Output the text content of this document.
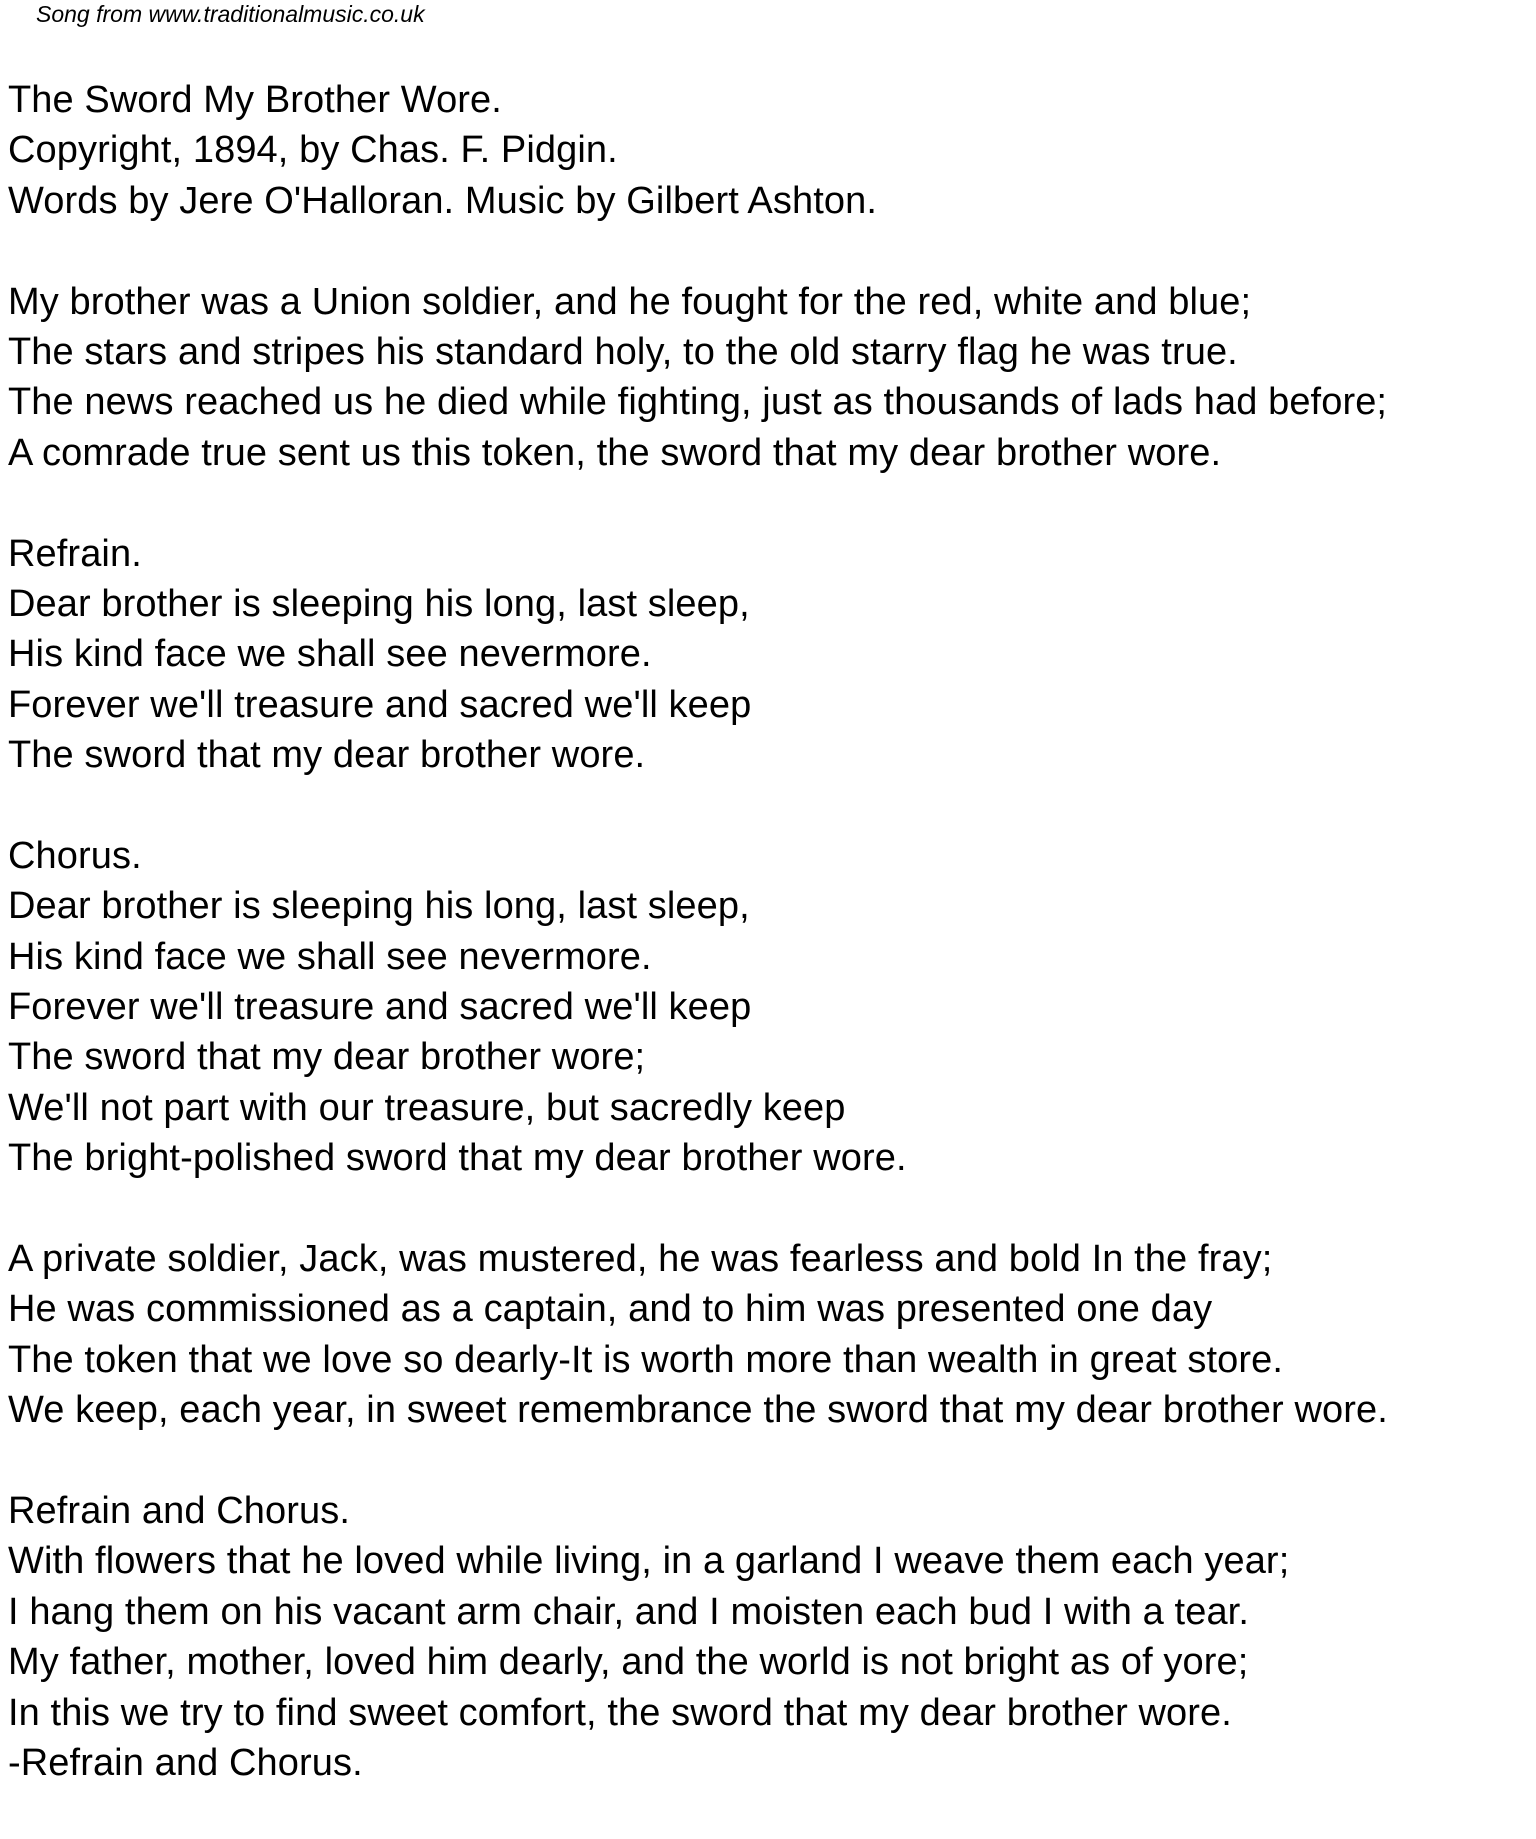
Song from www.traditionalmusic.co.uk
The Sword My Brother Wore.
Copyright, 1894, by Chas. F. Pidgin.
Words by Jere O'Halloran. Music by Gilbert Ashton.
My brother was a Union soldier, and he fought for the red, white and blue;
The stars and stripes his standard holy, to the old starry flag he was true.
The news reached us he died while fighting, just as thousands of lads had before;
A comrade true sent us this token, the sword that my dear brother wore.
Refrain.
Dear brother is sleeping his long, last sleep,
His kind face we shall see nevermore.
Forever we'll treasure and sacred we'll keep
The sword that my dear brother wore.
Chorus.
Dear brother is sleeping his long, last sleep,
His kind face we shall see nevermore.
Forever we'll treasure and sacred we'll keep
The sword that my dear brother wore;
We'll not part with our treasure, but sacredly keep
The bright-polished sword that my dear brother wore.
A private soldier, Jack, was mustered, he was fearless and bold In the fray;
He was commissioned as a captain, and to him was presented one day
The token that we love so dearly-It is worth more than wealth in great store.
We keep, each year, in sweet remembrance the sword that my dear brother wore.
Refrain and Chorus.
With flowers that he loved while living, in a garland I weave them each year;
I hang them on his vacant arm chair, and I moisten each bud I with a tear.
My father, mother, loved him dearly, and the world is not bright as of yore;
In this we try to find sweet comfort, the sword that my dear brother wore.
-Refrain and Chorus.
